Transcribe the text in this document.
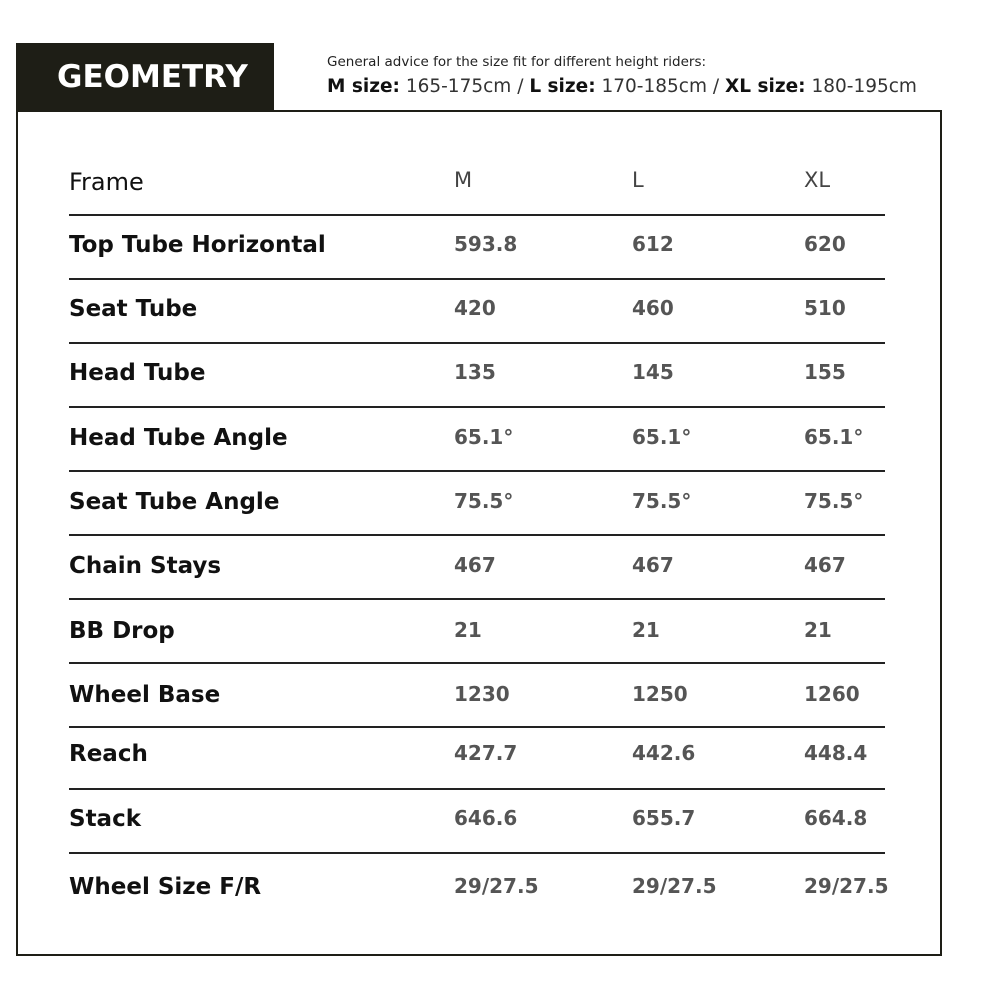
GEOMETRY	General advice for the size fit for different height riders:
M size: 165-175cm / L size: 170-185cm / XL size: 180-195cm
Frame	M	L	XL
Top Tube Horizontal	593.8	612	620
Seat Tube	420	460	510
Head Tube	135	145	155
Head Tube Angle	65.1°	65.1°	65.1°
Seat Tube Angle	75.5°	75.5°	75.5°
Chain Stays	467	467	467
BB Drop	21	21	21
Wheel Base	1230	1250	1260
Reach	427.7	442.6	448.4
Stack	646.6	655.7	664.8
Wheel Size F/R	29/27.5	29/27.5	29/27.5
